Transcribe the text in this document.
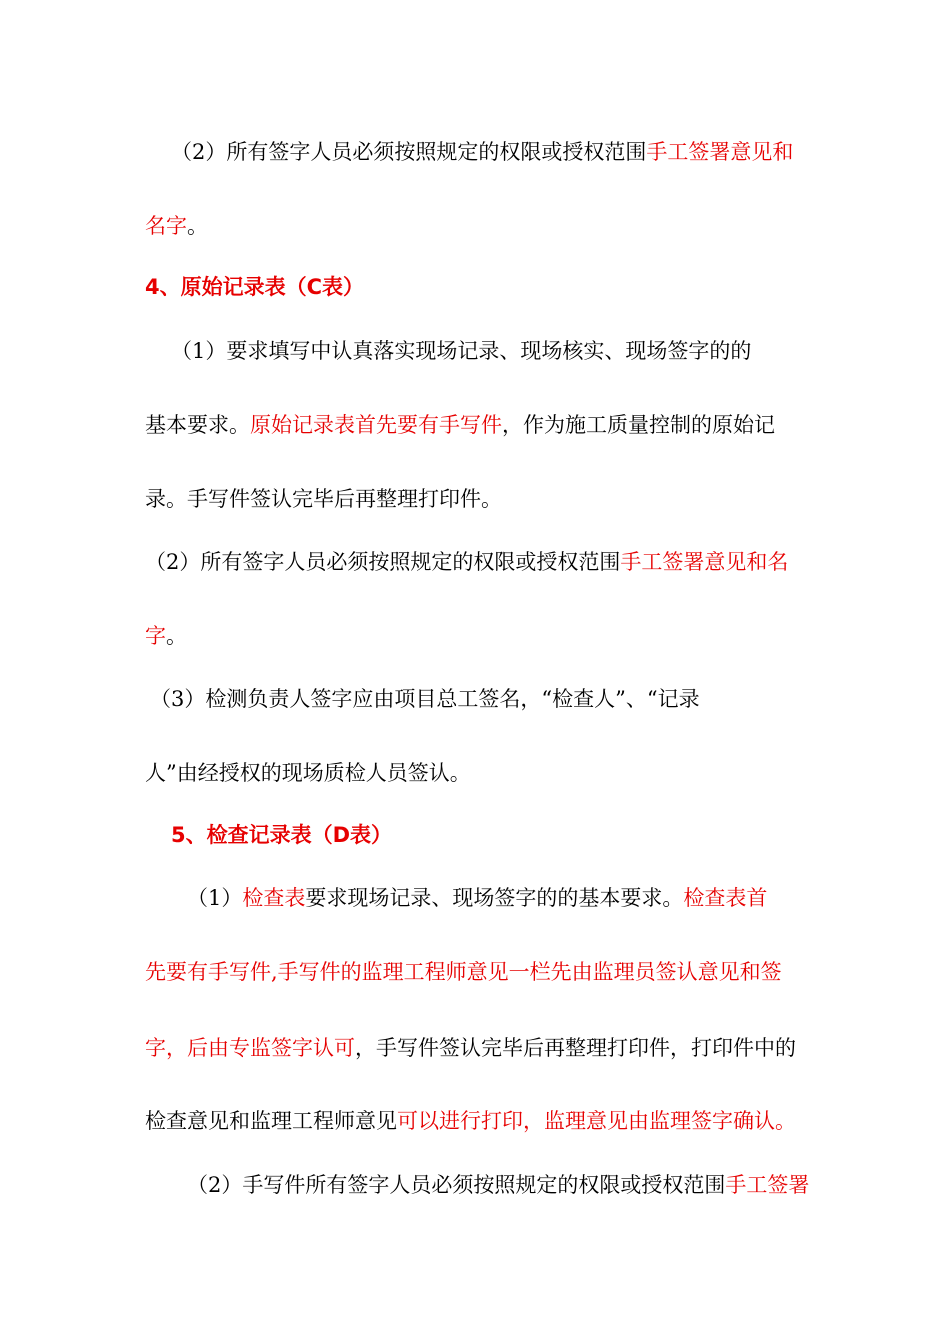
（2）所有签字人员必须按照规定的权限或授权范围手工签署意见和
名字。
4、原始记录表（C表）
（1）要求填写中认真落实现场记录、现场核实、现场签字的的
基本要求。原始记录表首先要有手写件，作为施工质量控制的原始记
录。手写件签认完毕后再整理打印件。
（2）所有签字人员必须按照规定的权限或授权范围手工签署意见和名
字。
（3）检测负责人签字应由项目总工签名，“检查人”、“记录
人”由经授权的现场质检人员签认。
5、检查记录表（D表）
（1）检查表要求现场记录、现场签字的的基本要求。检查表首
先要有手写件,手写件的监理工程师意见一栏先由监理员签认意见和签
字，后由专监签字认可，手写件签认完毕后再整理打印件，打印件中的
检查意见和监理工程师意见可以进行打印，监理意见由监理签字确认。
（2）手写件所有签字人员必须按照规定的权限或授权范围手工签署
